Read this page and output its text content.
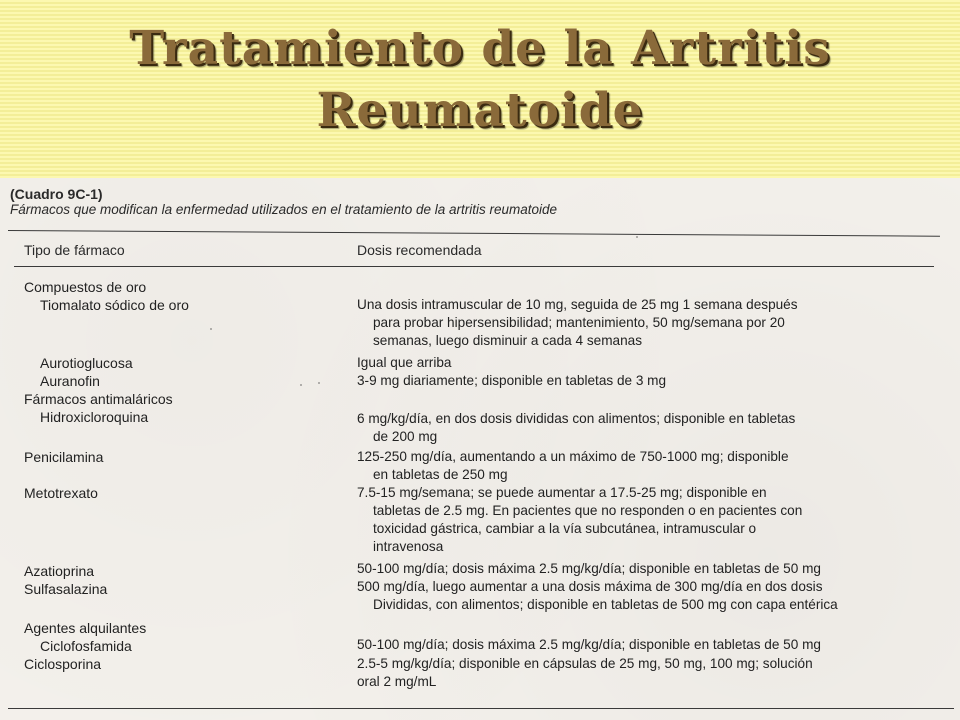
Tratamiento de la Artritis
Reumatoide
(Cuadro 9C-1)
Fármacos que modifican la enfermedad utilizados en el tratamiento de la artritis reumatoide
Tipo de fármaco	Dosis recomendada
Compuestos de oro
Tiomalato sódico de oro
Aurotioglucosa
Auranofin
Fármacos antimaláricos
Hidroxicloroquina
Penicilamina
Metotrexato
Azatioprina
Sulfasalazina
Agentes alquilantes
Ciclofosfamida
Ciclosporina
Una dosis intramuscular de 10 mg, seguida de 25 mg 1 semana después
para probar hipersensibilidad; mantenimiento, 50 mg/semana por 20
semanas, luego disminuir a cada 4 semanas
Igual que arriba
3-9 mg diariamente; disponible en tabletas de 3 mg
6 mg/kg/día, en dos dosis divididas con alimentos; disponible en tabletas
de 200 mg
125-250 mg/día, aumentando a un máximo de 750-1000 mg; disponible
en tabletas de 250 mg
7.5-15 mg/semana; se puede aumentar a 17.5-25 mg; disponible en
tabletas de 2.5 mg. En pacientes que no responden o en pacientes con
toxicidad gástrica, cambiar a la vía subcutánea, intramuscular o
intravenosa
50-100 mg/día; dosis máxima 2.5 mg/kg/día; disponible en tabletas de 50 mg
500 mg/día, luego aumentar a una dosis máxima de 300 mg/día en dos dosis
Divididas, con alimentos; disponible en tabletas de 500 mg con capa entérica
50-100 mg/día; dosis máxima 2.5 mg/kg/día; disponible en tabletas de 50 mg
2.5-5 mg/kg/día; disponible en cápsulas de 25 mg, 50 mg, 100 mg; solución
oral 2 mg/mL
